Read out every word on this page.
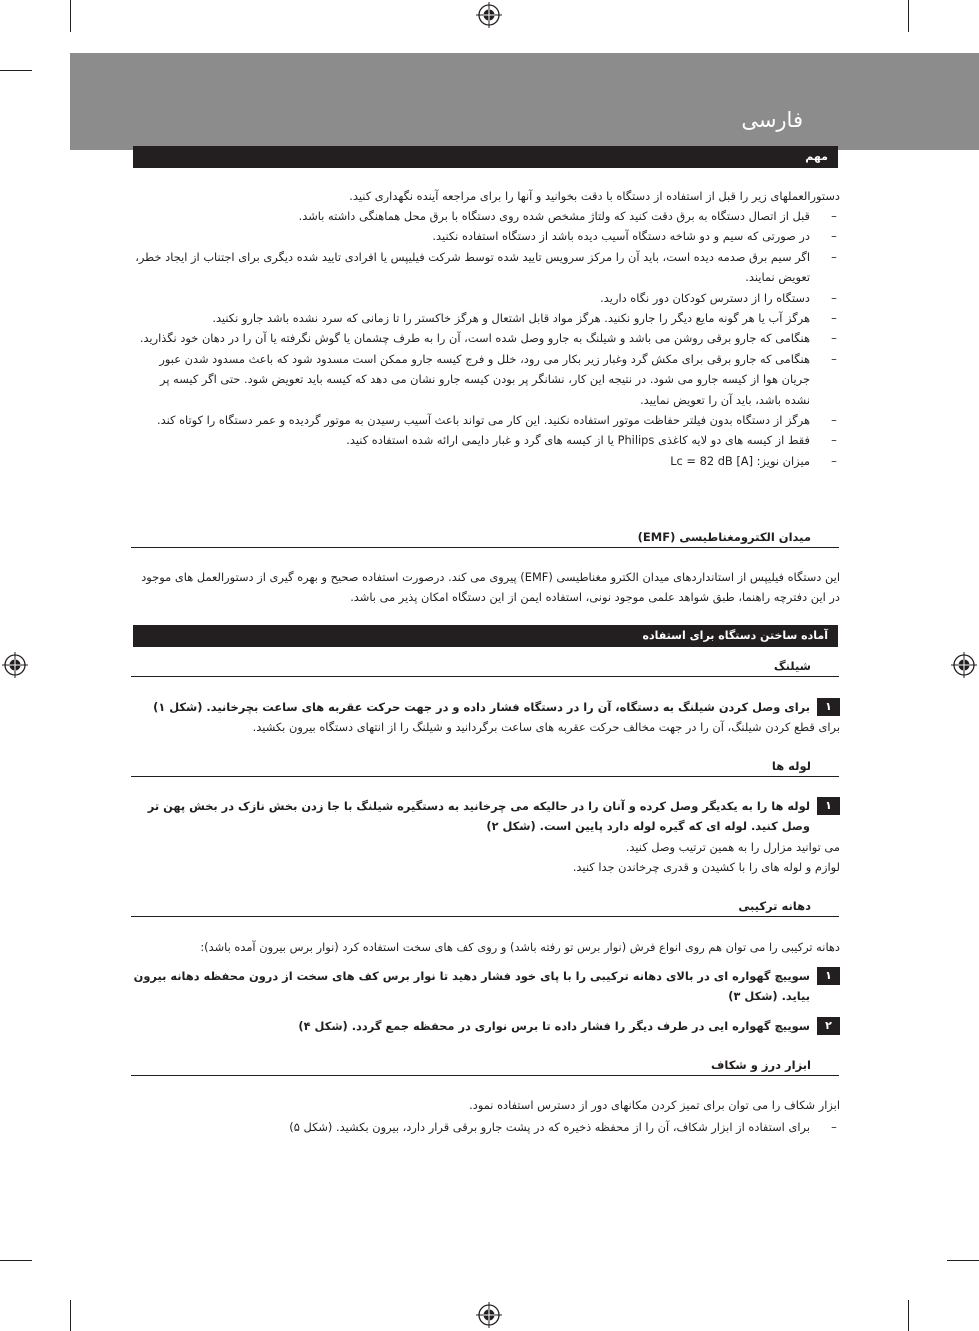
فارسی
مهم
دستورالعملهای زیر را قبل از استفاده از دستگاه با دقت بخوانید و آنها را برای مراجعه آینده نگهداری کنید.
–
قبل از اتصال دستگاه به برق دقت کنید که ولتاژ مشخص شده روی دستگاه با برق محل هماهنگی داشته باشد.
–
در صورتی که سیم و دو شاخه دستگاه آسیب دیده باشد از دستگاه استفاده نکنید.
–
اگر سیم برق صدمه دیده است، باید آن را مرکز سرویس تایید شده توسط شرکت فیلیپس یا افرادی تایید شده دیگری برای اجتناب از ایجاد خطر، تعویض نمایند.
–
دستگاه را از دسترس کودکان دور نگاه دارید.
–
هرگز آب یا هر گونه مایع دیگر را جارو نکنید. هرگز مواد قابل اشتعال و هرگز خاکستر را تا زمانی که سرد نشده باشد جارو نکنید.
–
هنگامی که جارو برقی روشن می باشد و شیلنگ به جارو وصل شده است، آن را به طرف چشمان یا گوش نگرفته یا آن را در دهان خود نگذارید.
–
هنگامی که جارو برقی برای مکش گرد وغبار زیر بکار می رود، خلل و فرج کیسه جارو ممکن است مسدود شود که باعث مسدود شدن عبور جریان هوا از کیسه جارو می شود. در نتیجه این کار، نشانگر پر بودن کیسه جارو نشان می دهد که کیسه باید تعویض شود. حتی اگر کیسه پر نشده باشد، باید آن را تعویض نمایید.
–
هرگز از دستگاه بدون فیلتر حفاظت موتور استفاده نکنید. این کار می تواند باعث آسیب رسیدن به موتور گردیده و عمر دستگاه را کوتاه کند.
–
فقط از کیسه های دو لایه کاغذی Philips یا از کیسه های گرد و غبار دایمی ارائه شده استفاده کنید.
–
میزان نویز: Lc = 82 dB [A]
میدان الکترومغناطیسی (EMF)
این دستگاه فیلیپس از استانداردهای میدان الکترو مغناطیسی (EMF) پیروی می کند. درصورت استفاده صحیح و بهره گیری از دستورالعمل های موجود در این دفترچه راهنما، طبق شواهد علمی موجود نونی، استفاده ایمن از این دستگاه امکان پذیر می باشد.
آماده ساختن دستگاه برای استفاده
شیلنگ
١
برای وصل کردن شیلنگ به دستگاه، آن را در دستگاه فشار داده و در جهت حرکت عقربه های ساعت بچرخانید. (شکل ۱)
برای قطع کردن شیلنگ، آن را در جهت مخالف حرکت عقربه های ساعت برگردانید و شیلنگ را از انتهای دستگاه بیرون بکشید.
لوله ها
١
لوله ها را به یکدیگر وصل کرده و آنان را در حالیکه می چرخانید به دستگیره شیلنگ با جا زدن بخش نازک در بخش پهن تر وصل کنید. لوله ای که گیره لوله دارد پایین است. (شکل ۲)
می توانید مزارل را به همین ترتیب وصل کنید.
لوازم و لوله های را با کشیدن و قدری چرخاندن جدا کنید.
دهانه ترکیبی
دهانه ترکیبی را می توان هم روی انواع فرش (نوار برس تو رفته باشد) و روی کف های سخت استفاده کرد (نوار برس بیرون آمده باشد):
١
سوییچ گهواره ای در بالای دهانه ترکیبی را با پای خود فشار دهید تا نوار برس کف های سخت از درون محفظه دهانه بیرون بیاید. (شکل ۳)
٢
سوییچ گهواره ایی در طرف دیگر را فشار داده تا برس نواری در محفظه جمع گردد. (شکل ۴)
ابزار درز و شکاف
ابزار شکاف را می توان برای تمیز کردن مکانهای دور از دسترس استفاده نمود.
–
برای استفاده از ابزار شکاف، آن را از محفظه ذخیره که در پشت جارو برقی قرار دارد، بیرون بکشید. (شکل ۵)
